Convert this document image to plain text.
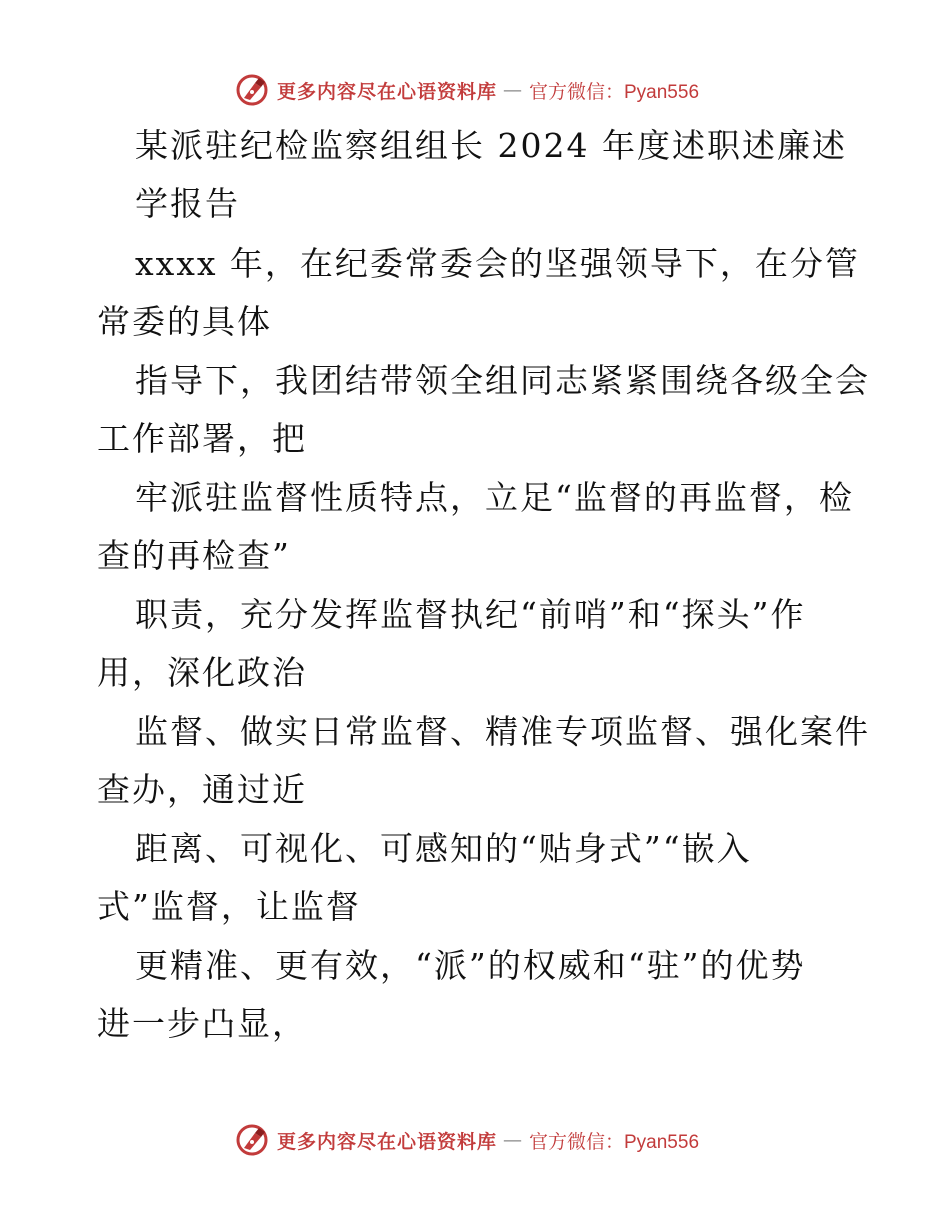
更多内容尽在心语资料库 — 官方微信：Pyan556
某派驻纪检监察组组长 2024 年度述职述廉述
学报告
xxxx 年，在纪委常委会的坚强领导下，在分管
常委的具体
指导下，我团结带领全组同志紧紧围绕各级全会
工作部署，把
牢派驻监督性质特点，立足“监督的再监督，检
查的再检查”
职责，充分发挥监督执纪“前哨”和“探头”作
用，深化政治
监督、做实日常监督、精准专项监督、强化案件
查办，通过近
距离、可视化、可感知的“贴身式”“嵌入
式”监督，让监督
更精准、更有效，“派”的权威和“驻”的优势
进一步凸显，
更多内容尽在心语资料库 — 官方微信：Pyan556
